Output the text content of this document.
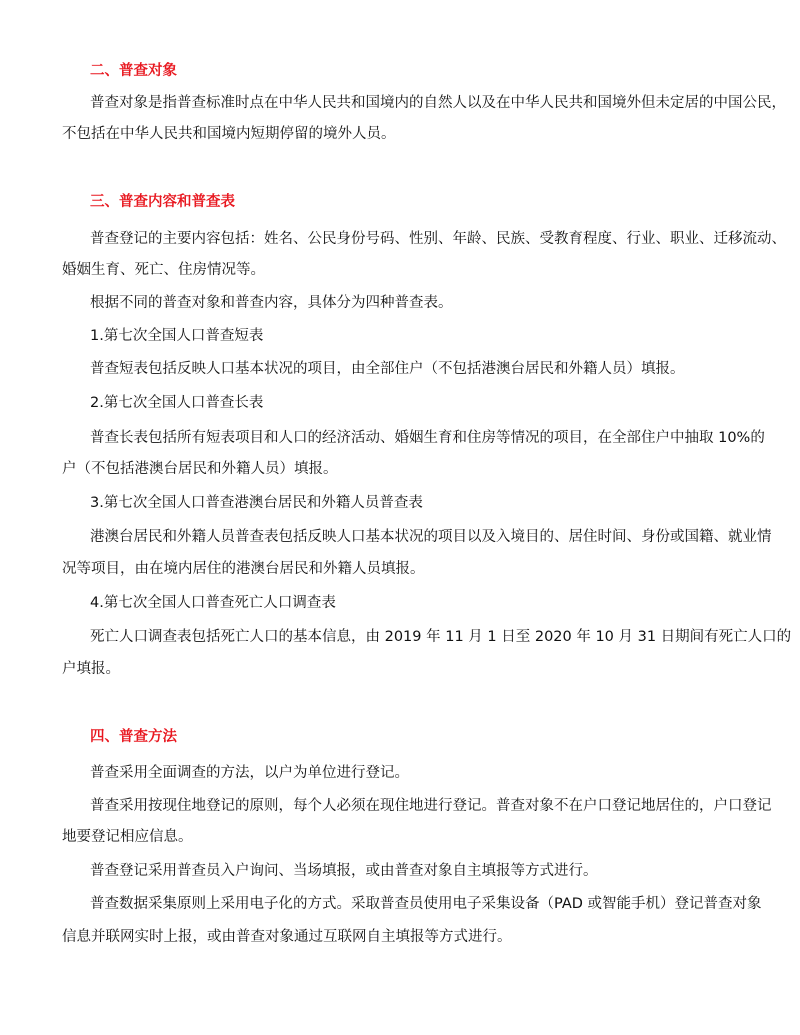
二、普查对象
普查对象是指普查标准时点在中华人民共和国境内的自然人以及在中华人民共和国境外但未定居的中国公民，
不包括在中华人民共和国境内短期停留的境外人员。
三、普查内容和普查表
普查登记的主要内容包括：姓名、公民身份号码、性别、年龄、民族、受教育程度、行业、职业、迁移流动、
婚姻生育、死亡、住房情况等。
根据不同的普查对象和普查内容，具体分为四种普查表。
1.第七次全国人口普查短表
普查短表包括反映人口基本状况的项目，由全部住户（不包括港澳台居民和外籍人员）填报。
2.第七次全国人口普查长表
普查长表包括所有短表项目和人口的经济活动、婚姻生育和住房等情况的项目，在全部住户中抽取 10%的
户（不包括港澳台居民和外籍人员）填报。
3.第七次全国人口普查港澳台居民和外籍人员普查表
港澳台居民和外籍人员普查表包括反映人口基本状况的项目以及入境目的、居住时间、身份或国籍、就业情
况等项目，由在境内居住的港澳台居民和外籍人员填报。
4.第七次全国人口普查死亡人口调查表
死亡人口调查表包括死亡人口的基本信息，由 2019 年 11 月 1 日至 2020 年 10 月 31 日期间有死亡人口的
户填报。
四、普查方法
普查采用全面调查的方法，以户为单位进行登记。
普查采用按现住地登记的原则，每个人必须在现住地进行登记。普查对象不在户口登记地居住的，户口登记
地要登记相应信息。
普查登记采用普查员入户询问、当场填报，或由普查对象自主填报等方式进行。
普查数据采集原则上采用电子化的方式。采取普查员使用电子采集设备（PAD 或智能手机）登记普查对象
信息并联网实时上报，或由普查对象通过互联网自主填报等方式进行。
